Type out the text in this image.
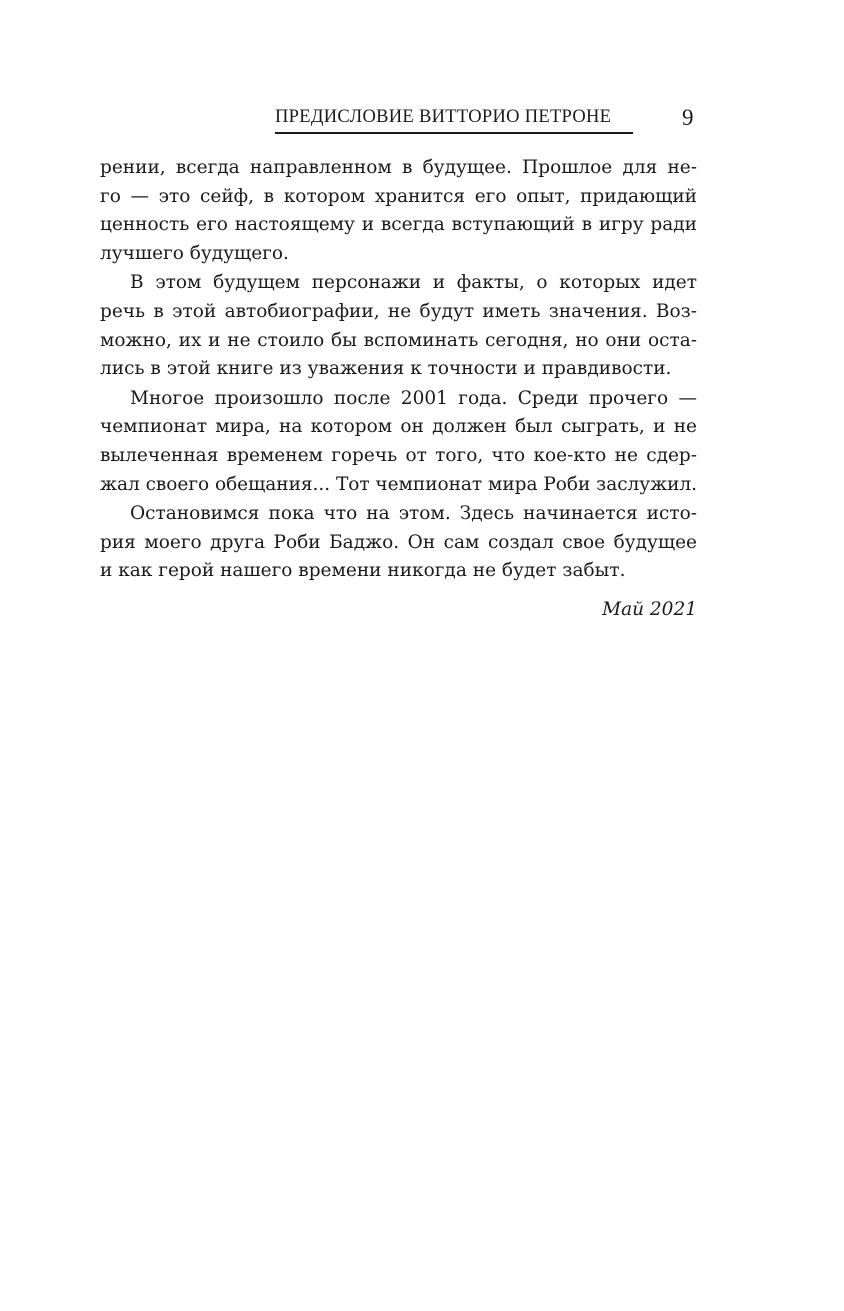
ПРЕДИСЛОВИЕ ВИТТОРИО ПЕТРОНЕ	9
рении, всегда направленном в будущее. Прошлое для не-
го — это сейф, в котором хранится его опыт, придающий
ценность его настоящему и всегда вступающий в игру ради
лучшего будущего.
В этом будущем персонажи и факты, о которых идет
речь в этой автобиографии, не будут иметь значения. Воз-
можно, их и не стоило бы вспоминать сегодня, но они оста-
лись в этой книге из уважения к точности и правдивости.
Многое произошло после 2001 года. Среди прочего —
чемпионат мира, на котором он должен был сыграть, и не
вылеченная временем горечь от того, что кое-кто не сдер-
жал своего обещания... Тот чемпионат мира Роби заслужил.
Остановимся пока что на этом. Здесь начинается исто-
рия моего друга Роби Баджо. Он сам создал свое будущее
и как герой нашего времени никогда не будет забыт.
Май 2021
